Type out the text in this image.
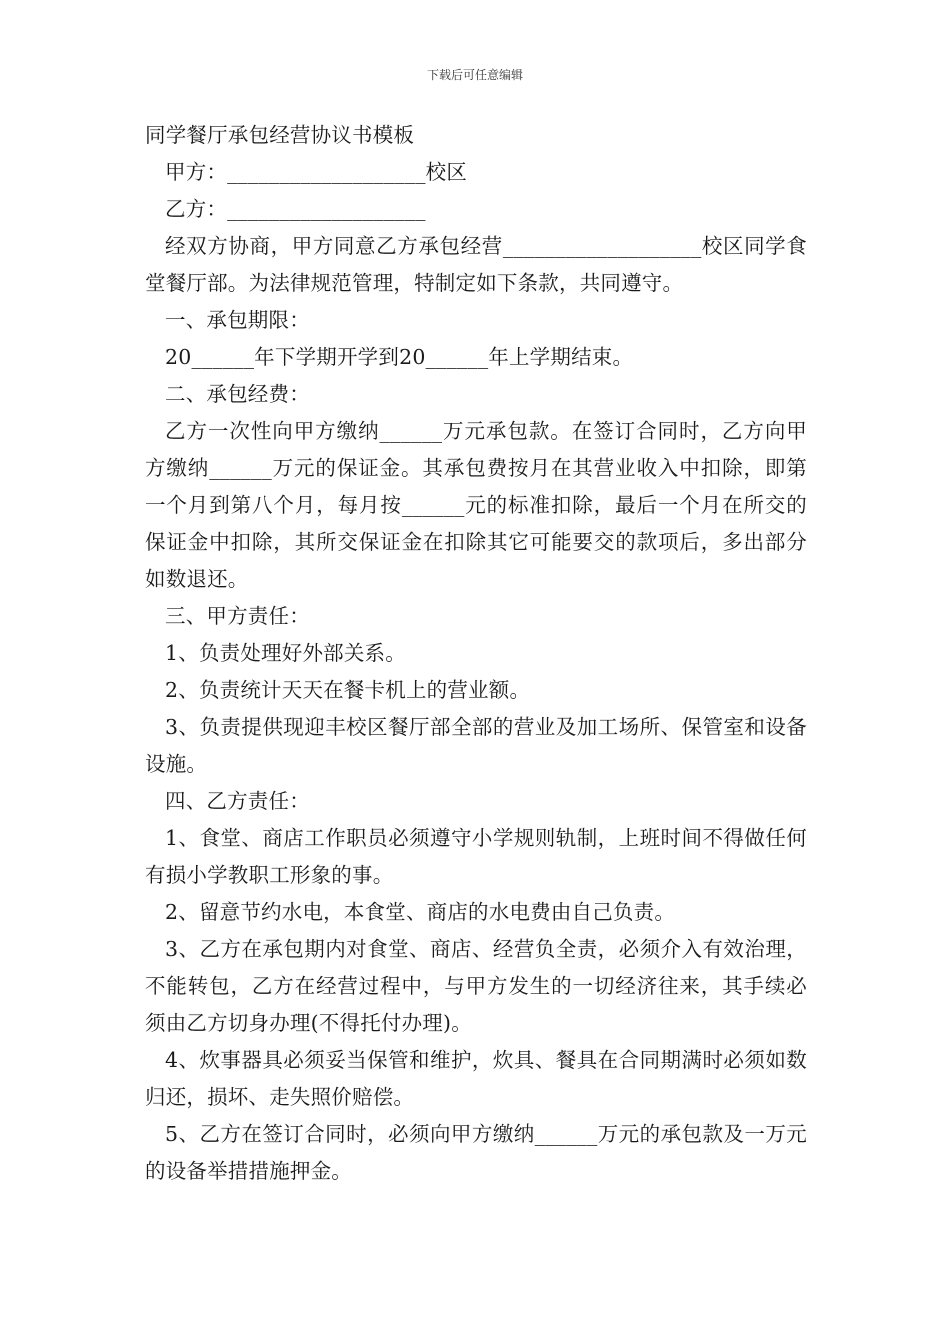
下载后可任意编辑

同学餐厅承包经营协议书模板

甲方：___________________校区

乙方：___________________

经双方协商，甲方同意乙方承包经营___________________校区同学食堂餐厅部。为法律规范管理，特制定如下条款，共同遵守。

一、承包期限：

20______年下学期开学到20______年上学期结束。

二、承包经费：

乙方一次性向甲方缴纳______万元承包款。在签订合同时，乙方向甲方缴纳______万元的保证金。其承包费按月在其营业收入中扣除，即第一个月到第八个月，每月按______元的标准扣除，最后一个月在所交的保证金中扣除，其所交保证金在扣除其它可能要交的款项后，多出部分如数退还。

三、甲方责任：

1、负责处理好外部关系。

2、负责统计天天在餐卡机上的营业额。

3、负责提供现迎丰校区餐厅部全部的营业及加工场所、保管室和设备设施。

四、乙方责任：

1、食堂、商店工作职员必须遵守小学规则轨制，上班时间不得做任何有损小学教职工形象的事。

2、留意节约水电，本食堂、商店的水电费由自己负责。

3、乙方在承包期内对食堂、商店、经营负全责，必须介入有效治理，不能转包，乙方在经营过程中，与甲方发生的一切经济往来，其手续必须由乙方切身办理(不得托付办理)。

4、炊事器具必须妥当保管和维护，炊具、餐具在合同期满时必须如数归还，损坏、走失照价赔偿。

5、乙方在签订合同时，必须向甲方缴纳______万元的承包款及一万元的设备举措措施押金。
